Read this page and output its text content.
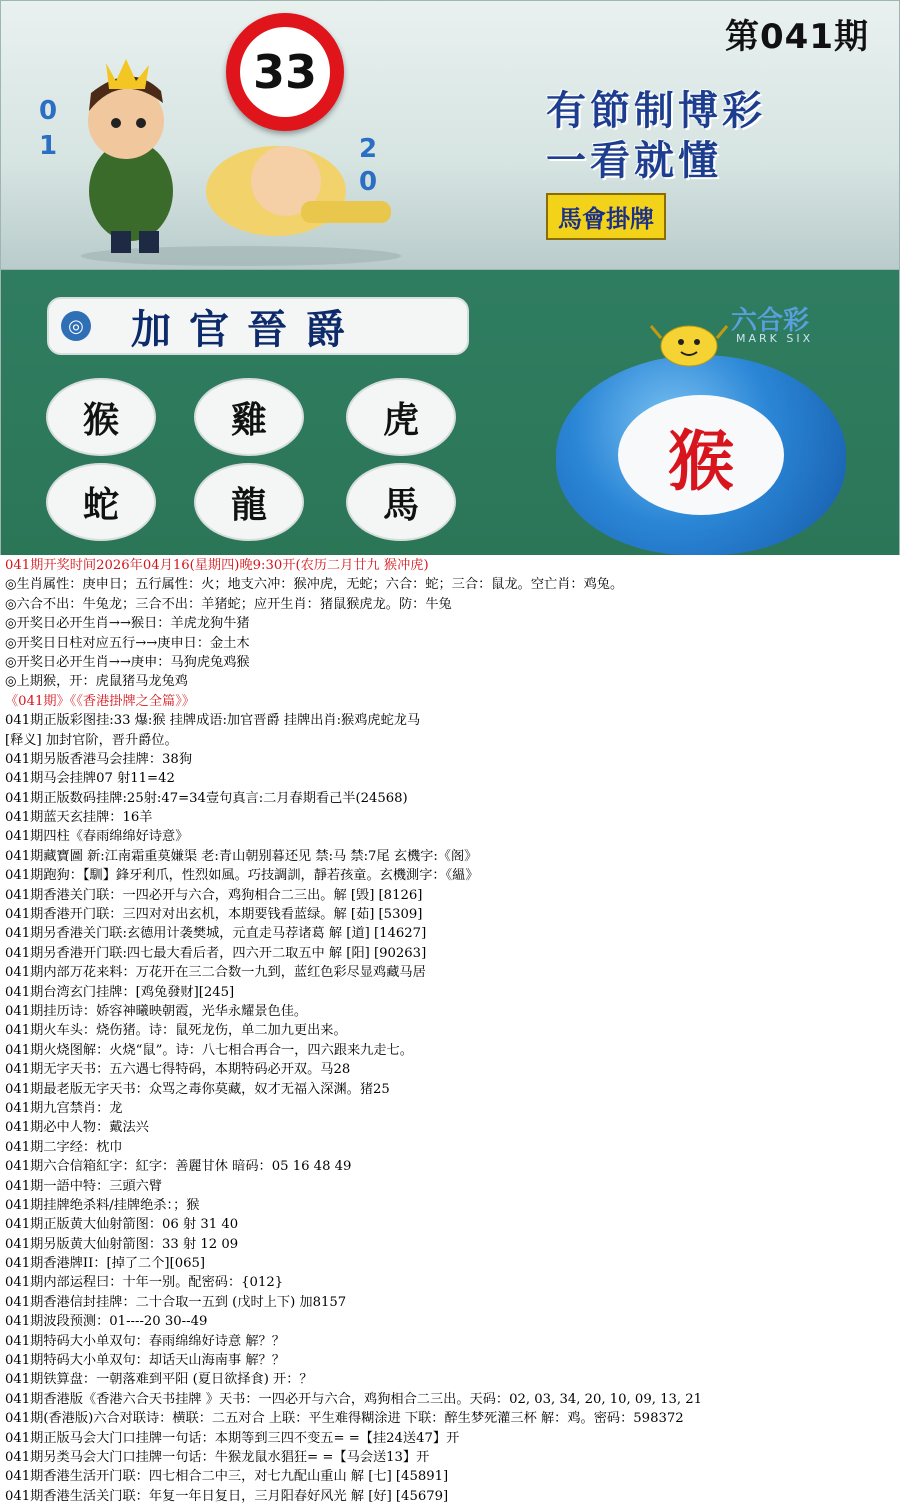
第041期
33
0
1	2
0
有節制博彩
一看就懂
馬會掛牌
◎ 加官晉爵
猴	雞	虎
蛇	龍	馬
六合彩
MARK SIX
猴
041期开奖时间2026年04月16(星期四)晚9:30开(农历二月廿九 猴冲虎)
◎生肖属性：庚申日；五行属性：火；地支六冲：猴冲虎，无蛇；六合：蛇；三合：鼠龙。空亡肖：鸡兔。
◎六合不出：牛兔龙；三合不出：羊猪蛇；应开生肖：猪鼠猴虎龙。防：牛兔
◎开奖日必开生肖→→猴日：羊虎龙狗牛猪
◎开奖日日柱对应五行→→庚申日：金土木
◎开奖日必开生肖→→庚申：马狗虎兔鸡猴
◎上期猴，开：虎鼠猪马龙兔鸡
《041期》《《香港掛牌之全篇》》
041期正版彩图挂:33 爆:猴 挂牌成语:加官晋爵 挂牌出肖:猴鸡虎蛇龙马
[释义] 加封官阶，晋升爵位。
041期另版香港马会挂牌：38狗
041期马会挂牌07 射11=42
041期正版数码挂牌:25射:47=34壹句真言:二月春期看己半(24568)
041期蓝天玄挂牌：16羊
041期四柱《春雨绵绵好诗意》
041期藏寶圖 新:江南霜重莫嫌渠 老:青山朝别暮还见 禁:马 禁:7尾 玄機字:《阁》
041期跑狗：【馴】鋒牙利爪，性烈如風。巧技調訓，靜若孩童。玄機測字：《縕》
041期香港关门联：一四必开与六合，鸡狗相合二三出。解 [毁] [8126]
041期香港开门联：三四对对出玄机，本期要钱看蓝绿。解 [茹] [5309]
041期另香港关门联:玄德用计袭樊城，元直走马荐诸葛 解 [道] [14627]
041期另香港开门联:四七最大看后者，四六开二取五中 解 [阳] [90263]
041期内部万花来料：万花开在三二合数一九到，蓝红色彩尽显鸡藏马居
041期台湾玄门挂牌：[鸡兔發财][245]
041期挂历诗：娇容神曦映朝霞，光华永耀景色佳。
041期火车头：烧伤猪。诗：鼠死龙伤，单二加九更出来。
041期火烧图解：火烧“鼠”。诗：八七相合再合一，四六跟来九走七。
041期无字天书：五六遇七得特码，本期特码必开双。马28
041期最老版无字天书：众骂之毒你莫藏，奴才无福入深渊。猪25
041期九宫禁肖：龙
041期必中人物：戴法兴
041期二字经：枕巾
041期六合信箱紅字：紅字：善麗甘休 暗码：05 16 48 49
041期一語中特：三頭六臂
041期挂牌绝杀料/挂牌绝杀：；猴
041期正版黄大仙射箭图：06 射 31 40
041期另版黄大仙射箭图：33 射 12 09
041期香港牌II：[掉了二个][065]
041期内部运程曰：十年一别。配密码：{012}
041期香港信封挂牌：二十合取一五到 (戊时上下) 加8157
041期波段预测：01----20 30--49
041期特码大小单双句：春雨绵绵好诗意 解？？
041期特码大小单双句：却话天山海南事 解？？
041期铁算盘：一朝落难到平阳 (夏日欲择食) 开：？
041期香港版《香港六合天书挂牌 》天书：一四必开与六合，鸡狗相合二三出。天码：02, 03, 34, 20, 10, 09, 13, 21
041期(香港版)六合对联诗：横联：二五对合 上联：平生难得糊涂进 下联：醉生梦死灌三杯 解：鸡。密码：598372
041期正版马会大门口挂牌一句话：本期等到三四不变五= =【挂24送47】开
041期另类马会大门口挂牌一句话：牛猴龙鼠水猖狂= =【马会送13】开
041期香港生活开门联：四七相合二中三，对七九配山重山 解 [七] [45891]
041期香港生活关门联：年复一年日复日，三月阳春好风光 解 [好] [45679]
